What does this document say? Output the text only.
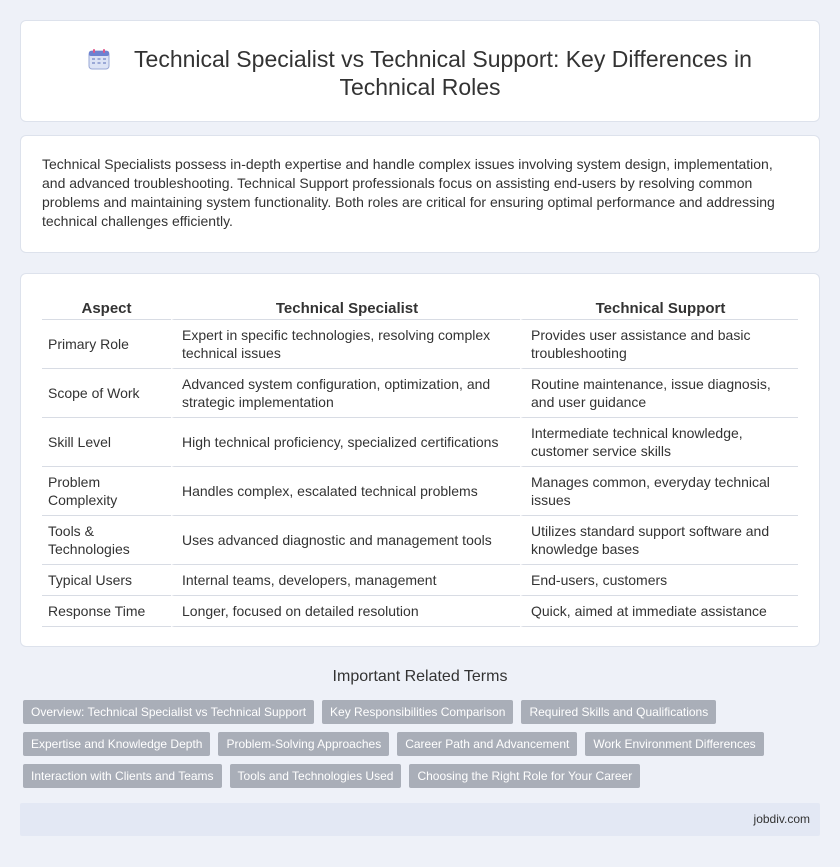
Technical Specialist vs Technical Support: Key Differences in Technical Roles

Technical Specialists possess in-depth expertise and handle complex issues involving system design, implementation, and advanced troubleshooting. Technical Support professionals focus on assisting end-users by resolving common problems and maintaining system functionality. Both roles are critical for ensuring optimal performance and addressing technical challenges efficiently.

Aspect	Technical Specialist	Technical Support
Primary Role	Expert in specific technologies, resolving complex technical issues	Provides user assistance and basic troubleshooting
Scope of Work	Advanced system configuration, optimization, and strategic implementation	Routine maintenance, issue diagnosis, and user guidance
Skill Level	High technical proficiency, specialized certifications	Intermediate technical knowledge, customer service skills
Problem Complexity	Handles complex, escalated technical problems	Manages common, everyday technical issues
Tools & Technologies	Uses advanced diagnostic and management tools	Utilizes standard support software and knowledge bases
Typical Users	Internal teams, developers, management	End-users, customers
Response Time	Longer, focused on detailed resolution	Quick, aimed at immediate assistance
Important Related Terms
Overview: Technical Specialist vs Technical Support	Key Responsibilities Comparison	Required Skills and Qualifications
Expertise and Knowledge Depth	Problem-Solving Approaches	Career Path and Advancement	Work Environment Differences
Interaction with Clients and Teams	Tools and Technologies Used	Choosing the Right Role for Your Career
jobdiv.com
